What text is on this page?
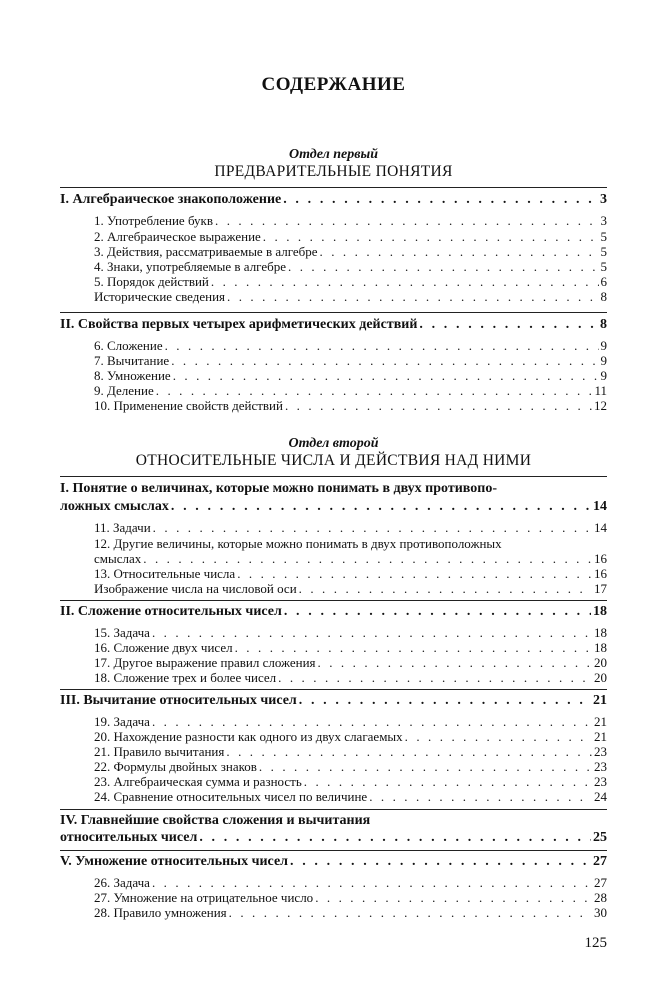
СОДЕРЖАНИЕ
Отдел первый
ПРЕДВАРИТЕЛЬНЫЕ ПОНЯТИЯ
I. Алгебраическое знакоположение . . .	3
1. Употребление букв . . .	3
2. Алгебраическое выражение . . .	5
3. Действия, рассматриваемые в алгебре . . .	5
4. Знаки, употребляемые в алгебре . . .	5
5. Порядок действий . . .	6
Исторические сведения . . .	8
II. Свойства первых четырех арифметических действий . . .	8
6. Сложение . . .	9
7. Вычитание . . .	9
8. Умножение . . .	9
9. Деление . . .	11
10. Применение свойств действий . . .	12
Отдел второй
ОТНОСИТЕЛЬНЫЕ ЧИСЛА И ДЕЙСТВИЯ НАД НИМИ
I. Понятие о величинах, которые можно понимать в двух противопо-
ложных смыслах . . .	14
11. Задачи . . .	14
12. Другие величины, которые можно понимать в двух противоположных
смыслах . . .	16
13. Относительные числа . . .	16
Изображение числа на числовой оси . . .	17
II. Сложение относительных чисел . . .	18
15. Задача . . .	18
16. Сложение двух чисел . . .	18
17. Другое выражение правил сложения . . .	20
18. Сложение трех и более чисел . . .	20
III. Вычитание относительных чисел . . .	21
19. Задача . . .	21
20. Нахождение разности как одного из двух слагаемых . . .	21
21. Правило вычитания . . .	23
22. Формулы двойных знаков . . .	23
23. Алгебраическая сумма и разность . . .	23
24. Сравнение относительных чисел по величине . . .	24
IV. Главнейшие свойства сложения и вычитания
относительных чисел . . .	25
V. Умножение относительных чисел . . .	27
26. Задача . . .	27
27. Умножение на отрицательное число . . .	28
28. Правило умножения . . .	30
125
